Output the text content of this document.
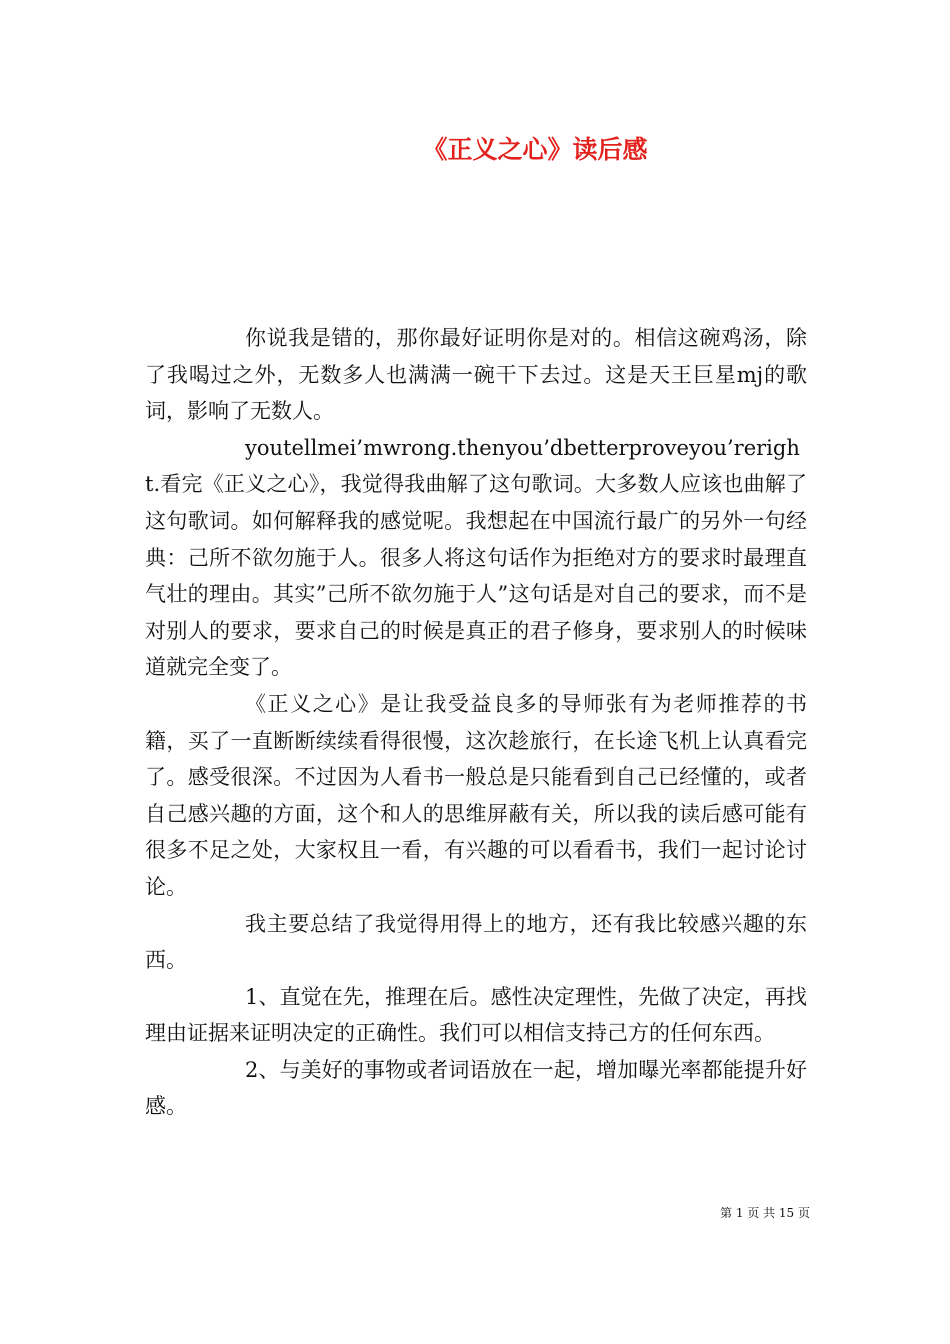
《正义之心》读后感

你说我是错的，那你最好证明你是对的。相信这碗鸡汤，除了我喝过之外，无数多人也满满一碗干下去过。这是天王巨星mj的歌词，影响了无数人。

youtellmei’mwrong.thenyou’dbetterproveyou’reright.看完《正义之心》，我觉得我曲解了这句歌词。大多数人应该也曲解了这句歌词。如何解释我的感觉呢。我想起在中国流行最广的另外一句经典：己所不欲勿施于人。很多人将这句话作为拒绝对方的要求时最理直气壮的理由。其实”己所不欲勿施于人”这句话是对自己的要求，而不是对别人的要求，要求自己的时候是真正的君子修身，要求别人的时候味道就完全变了。

《正义之心》是让我受益良多的导师张有为老师推荐的书籍，买了一直断断续续看得很慢，这次趁旅行，在长途飞机上认真看完了。感受很深。不过因为人看书一般总是只能看到自己已经懂的，或者自己感兴趣的方面，这个和人的思维屏蔽有关，所以我的读后感可能有很多不足之处，大家权且一看，有兴趣的可以看看书，我们一起讨论讨论。

我主要总结了我觉得用得上的地方，还有我比较感兴趣的东西。

1、直觉在先，推理在后。感性决定理性，先做了决定，再找理由证据来证明决定的正确性。我们可以相信支持己方的任何东西。

2、与美好的事物或者词语放在一起，增加曝光率都能提升好感。

第 1 页 共 15 页
